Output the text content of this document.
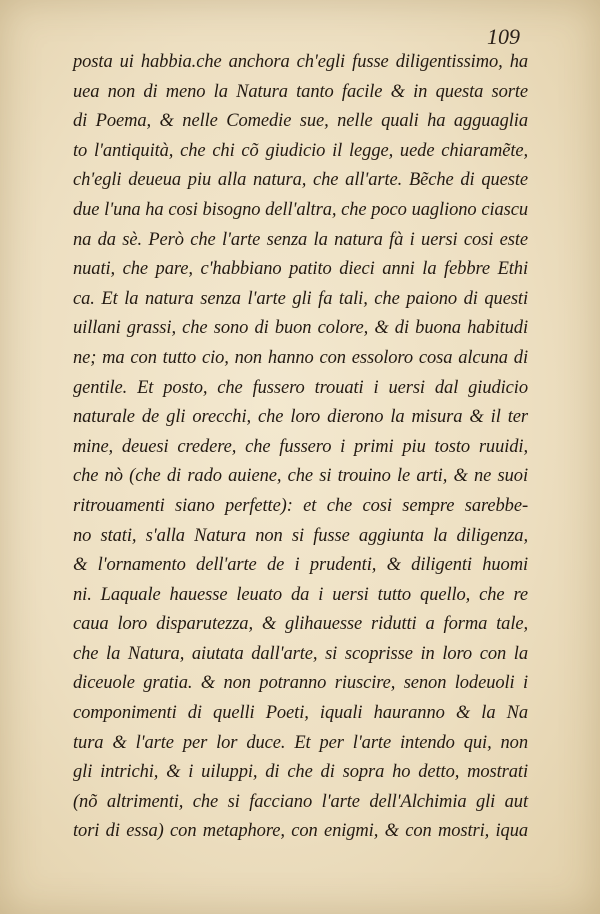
109
posta ui habbia.che anchora ch'egli fusse diligentissimo, ha
uea non di meno la Natura tanto facile & in questa sorte
di Poema, & nelle Comedie sue, nelle quali ha agguaglia
to l'antiquità, che chi cõ giudicio il legge, uede chiaramẽte,
ch'egli deueua piu alla natura, che all'arte. Bẽche di queste
due l'una ha cosi bisogno dell'altra, che poco uagliono ciascu
na da sè. Però che l'arte senza la natura fà i uersi cosi este
nuati, che pare, c'habbiano patito dieci anni la febbre Ethi
ca. Et la natura senza l'arte gli fa tali, che paiono di questi
uillani grassi, che sono di buon colore, & di buona habitudi
ne; ma con tutto cio, non hanno con essoloro cosa alcuna di
gentile. Et posto, che fussero trouati i uersi dal giudicio
naturale de gli orecchi, che loro dierono la misura & il ter
mine, deuesi credere, che fussero i primi piu tosto ruuidi,
che nò (che di rado auiene, che si trouino le arti, & ne suoi
ritrouamenti siano perfette): et che cosi sempre sarebbe-
no stati, s'alla Natura non si fusse aggiunta la diligenza,
& l'ornamento dell'arte de i prudenti, & diligenti huomi
ni. Laquale hauesse leuato da i uersi tutto quello, che re
caua loro disparutezza, & glihauesse ridutti a forma tale,
che la Natura, aiutata dall'arte, si scoprisse in loro con la
diceuole gratia. & non potranno riuscire, senon lodeuoli i
componimenti di quelli Poeti, iquali hauranno & la Na
tura & l'arte per lor duce. Et per l'arte intendo qui, non
gli intrichi, & i uiluppi, di che di sopra ho detto, mostrati
(nõ altrimenti, che si facciano l'arte dell'Alchimia gli aut
tori di essa) con metaphore, con enigmi, & con mostri, iqua
